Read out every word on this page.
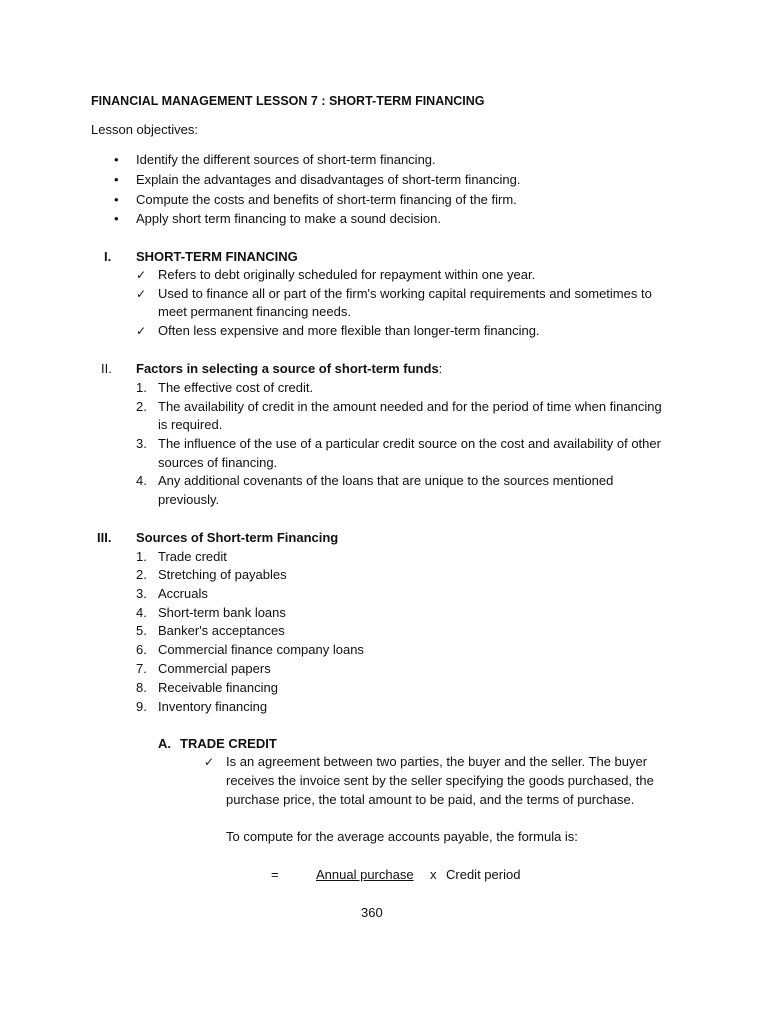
FINANCIAL MANAGEMENT LESSON 7 : SHORT-TERM FINANCING
Lesson objectives:
• Identify the different sources of short-term financing.
• Explain the advantages and disadvantages of short-term financing.
• Compute the costs and benefits of short-term financing of the firm.
• Apply short term financing to make a sound decision.
I. SHORT-TERM FINANCING
✓ Refers to debt originally scheduled for repayment within one year.
✓ Used to finance all or part of the firm's working capital requirements and sometimes to
meet permanent financing needs.
✓ Often less expensive and more flexible than longer-term financing.
II. Factors in selecting a source of short-term funds:
1. The effective cost of credit.
2. The availability of credit in the amount needed and for the period of time when financing
is required.
3. The influence of the use of a particular credit source on the cost and availability of other
sources of financing.
4. Any additional covenants of the loans that are unique to the sources mentioned
previously.
III. Sources of Short-term Financing
1. Trade credit
2. Stretching of payables
3. Accruals
4. Short-term bank loans
5. Banker's acceptances
6. Commercial finance company loans
7. Commercial papers
8. Receivable financing
9. Inventory financing
A. TRADE CREDIT
✓ Is an agreement between two parties, the buyer and the seller. The buyer
receives the invoice sent by the seller specifying the goods purchased, the
purchase price, the total amount to be paid, and the terms of purchase.
To compute for the average accounts payable, the formula is:
=	Annual purchase x Credit period
360
